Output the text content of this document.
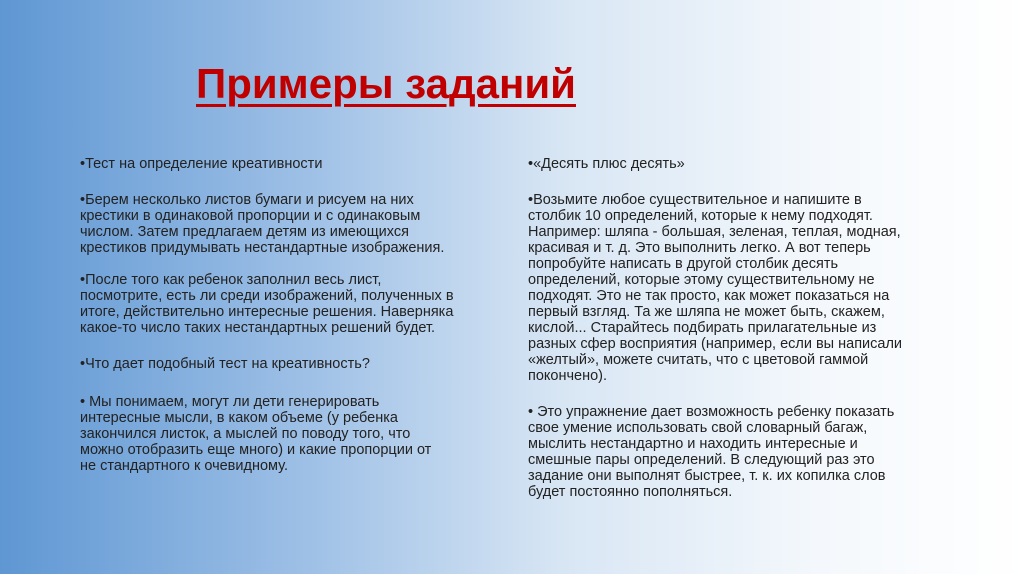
Примеры заданий

•Тест на определение креативности

•Берем несколько листов бумаги и рисуем на них
крестики в одинаковой пропорции и с одинаковым
числом. Затем предлагаем детям из имеющихся
крестиков придумывать нестандартные изображения.

•После того как ребенок заполнил весь лист,
посмотрите, есть ли среди изображений, полученных в
итоге, действительно интересные решения. Наверняка
какое-то число таких нестандартных решений будет.

•Что дает подобный тест на креативность?

• Мы понимаем, могут ли дети генерировать
интересные мысли, в каком объеме (у ребенка
закончился листок, а мыслей по поводу того, что
можно отобразить еще много) и какие пропорции от
не стандартного к очевидному.

•«Десять плюс десять»

•Возьмите любое существительное и напишите в
столбик 10 определений, которые к нему подходят.
Например: шляпа - большая, зеленая, теплая, модная,
красивая и т. д. Это выполнить легко. А вот теперь
попробуйте написать в другой столбик десять
определений, которые этому существительному не
подходят. Это не так просто, как может показаться на
первый взгляд. Та же шляпа не может быть, скажем,
кислой... Старайтесь подбирать прилагательные из
разных сфер восприятия (например, если вы написали
«желтый», можете считать, что с цветовой гаммой
покончено).

• Это упражнение дает возможность ребенку показать
свое умение использовать свой словарный багаж,
мыслить нестандартно и находить интересные и
смешные пары определений. В следующий раз это
задание они выполнят быстрее, т. к. их копилка слов
будет постоянно пополняться.
